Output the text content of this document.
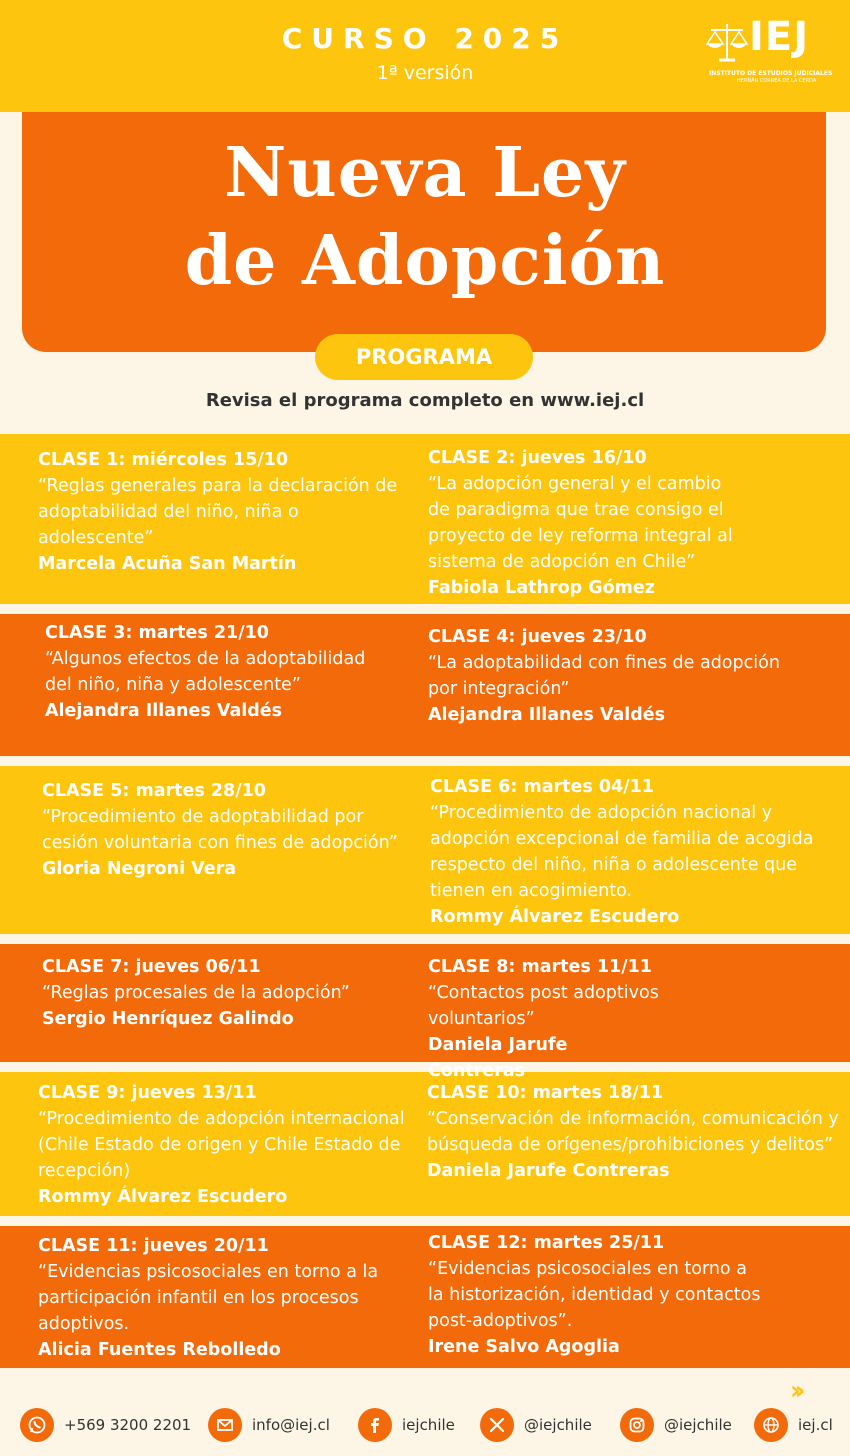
CURSO 2025
1ª versión
IEJ
INSTITUTO DE ESTUDIOS JUDICIALES
HERNÁN CORREA DE LA CERDA
Nueva Ley
de Adopción
PROGRAMA
Revisa el programa completo en www.iej.cl
CLASE 1: miércoles 15/10
“Reglas generales para la declaración de adoptabilidad del niño, niña o adolescente”
Marcela Acuña San Martín
CLASE 2: jueves 16/10
“La adopción general y el cambio de paradigma que trae consigo el proyecto de ley reforma integral al sistema de adopción en Chile”
Fabiola Lathrop Gómez
CLASE 3: martes 21/10
“Algunos efectos de la adoptabilidad del niño, niña y adolescente”
Alejandra Illanes Valdés
CLASE 4: jueves 23/10
“La adoptabilidad con fines de adopción por integración”
Alejandra Illanes Valdés
CLASE 5: martes 28/10
“Procedimiento de adoptabilidad por cesión voluntaria con fines de adopción”
Gloria Negroni Vera
CLASE 6: martes 04/11
“Procedimiento de adopción nacional y adopción excepcional de familia de acogida respecto del niño, niña o adolescente que tienen en acogimiento.
Rommy Álvarez Escudero
CLASE 7: jueves 06/11
“Reglas procesales de la adopción”
Sergio Henríquez Galindo
CLASE 8: martes 11/11
“Contactos post adoptivos voluntarios”
Daniela Jarufe Contreras
CLASE 9: jueves 13/11
“Procedimiento de adopción internacional (Chile Estado de origen y Chile Estado de recepción)
Rommy Álvarez Escudero
CLASE 10: martes 18/11
“Conservación de información, comunicación y búsqueda de orígenes/prohibiciones y delitos”
Daniela Jarufe Contreras
CLASE 11: jueves 20/11
“Evidencias psicosociales en torno a la participación infantil en los procesos adoptivos.
Alicia Fuentes Rebolledo
CLASE 12: martes 25/11
“Evidencias psicosociales en torno a la historización, identidad y contactos post-adoptivos”.
Irene Salvo Agoglia
››
+569 3200 2201	info@iej.cl	iejchile	@iejchile	@iejchile	iej.cl
